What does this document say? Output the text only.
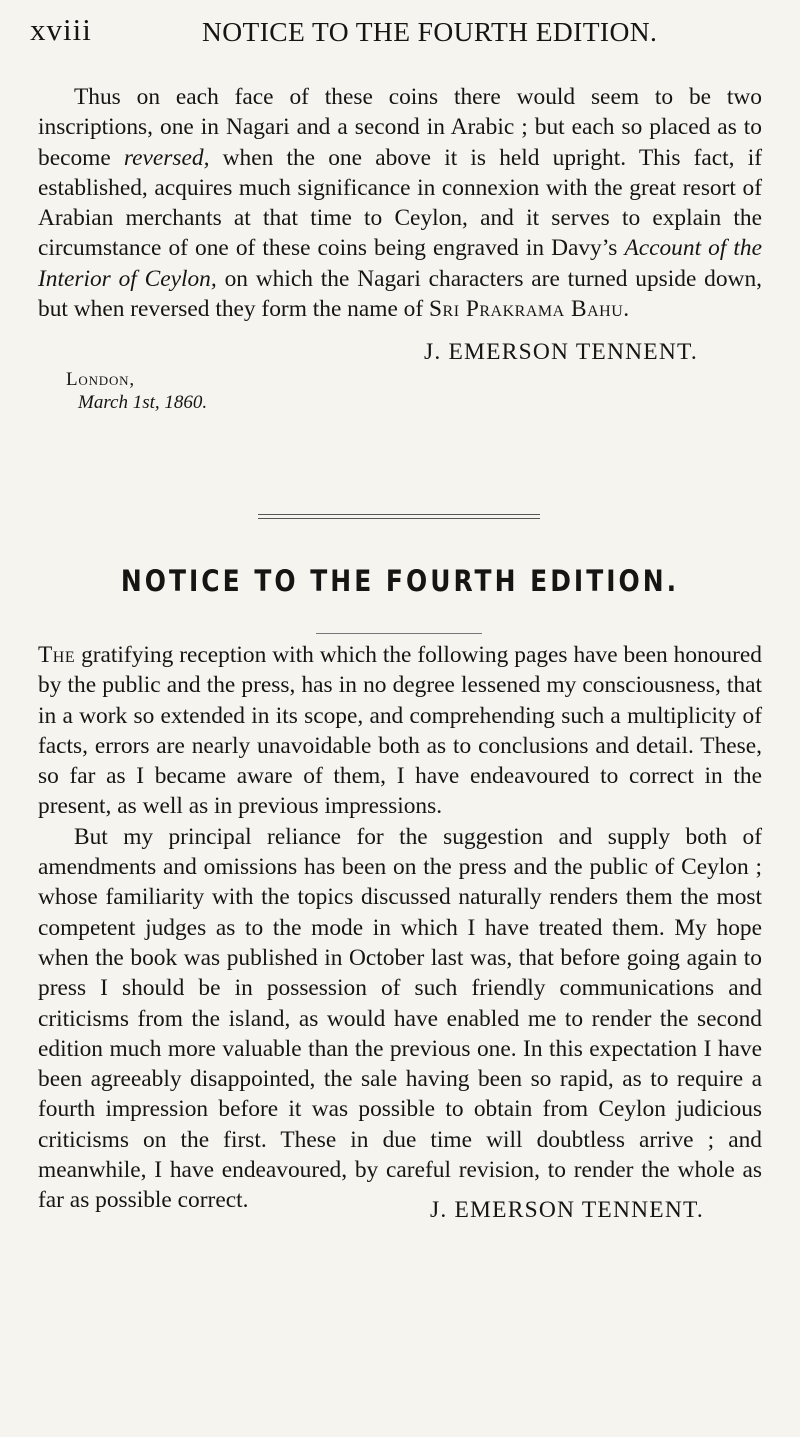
xviii	NOTICE TO THE FOURTH EDITION.

Thus on each face of these coins there would seem to be two inscriptions, one in Nagari and a second in Arabic ; but each so placed as to become reversed, when the one above it is held upright. This fact, if established, acquires much significance in connexion with the great resort of Arabian merchants at that time to Ceylon, and it serves to explain the circumstance of one of these coins being engraved in Davy’s Account of the Interior of Ceylon, on which the Nagari characters are turned upside down, but when reversed they form the name of Sri Prakrama Bahu.

J. EMERSON TENNENT.
London,
March 1st, 1860.
NOTICE TO THE FOURTH EDITION.

The gratifying reception with which the following pages have been honoured by the public and the press, has in no degree lessened my consciousness, that in a work so extended in its scope, and comprehending such a multiplicity of facts, errors are nearly unavoidable both as to conclusions and detail. These, so far as I became aware of them, I have endeavoured to correct in the present, as well as in previous impressions.

But my principal reliance for the suggestion and supply both of amendments and omissions has been on the press and the public of Ceylon ; whose familiarity with the topics discussed naturally renders them the most competent judges as to the mode in which I have treated them. My hope when the book was published in October last was, that before going again to press I should be in possession of such friendly communications and criticisms from the island, as would have enabled me to render the second edition much more valuable than the previous one. In this expectation I have been agreeably disappointed, the sale having been so rapid, as to require a fourth impression before it was possible to obtain from Ceylon judicious criticisms on the first. These in due time will doubtless arrive ; and meanwhile, I have endeavoured, by careful revision, to render the whole as far as possible correct.	J. EMERSON TENNENT.
